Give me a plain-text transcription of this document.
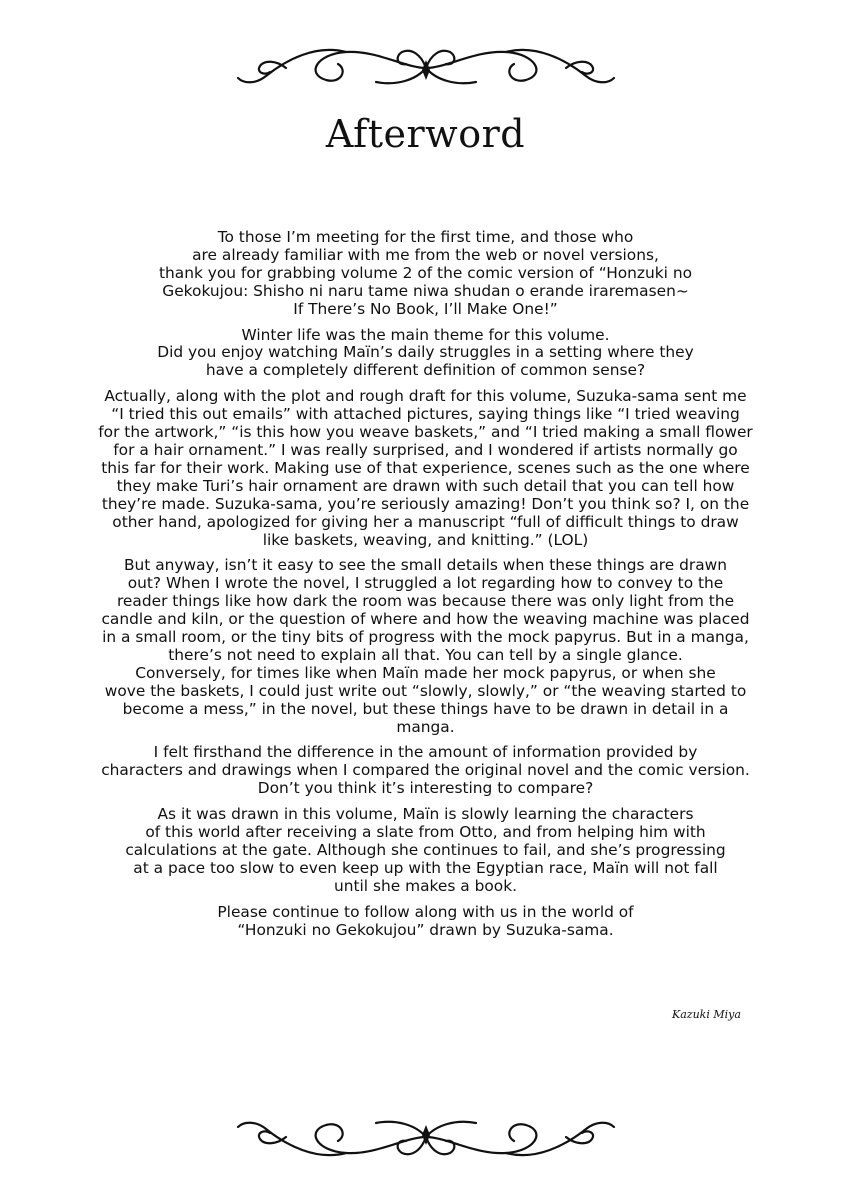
Afterword

To those I’m meeting for the first time, and those who
are already familiar with me from the web or novel versions,
thank you for grabbing volume 2 of the comic version of “Honzuki no
Gekokujou: Shisho ni naru tame niwa shudan o erande iraremasen~
If There’s No Book, I’ll Make One!”

Winter life was the main theme for this volume.
Did you enjoy watching Maïn’s daily struggles in a setting where they
have a completely different definition of common sense?

Actually, along with the plot and rough draft for this volume, Suzuka-sama sent me
“I tried this out emails” with attached pictures, saying things like “I tried weaving
for the artwork,” “is this how you weave baskets,” and “I tried making a small flower
for a hair ornament.” I was really surprised, and I wondered if artists normally go
this far for their work. Making use of that experience, scenes such as the one where
they make Turi’s hair ornament are drawn with such detail that you can tell how
they’re made. Suzuka-sama, you’re seriously amazing! Don’t you think so? I, on the
other hand, apologized for giving her a manuscript “full of difficult things to draw
like baskets, weaving, and knitting.” (LOL)

But anyway, isn’t it easy to see the small details when these things are drawn
out? When I wrote the novel, I struggled a lot regarding how to convey to the
reader things like how dark the room was because there was only light from the
candle and kiln, or the question of where and how the weaving machine was placed
in a small room, or the tiny bits of progress with the mock papyrus. But in a manga,
there’s not need to explain all that. You can tell by a single glance.
Conversely, for times like when Maïn made her mock papyrus, or when she
wove the baskets, I could just write out “slowly, slowly,” or “the weaving started to
become a mess,” in the novel, but these things have to be drawn in detail in a
manga.

I felt firsthand the difference in the amount of information provided by
characters and drawings when I compared the original novel and the comic version.
Don’t you think it’s interesting to compare?

As it was drawn in this volume, Maïn is slowly learning the characters
of this world after receiving a slate from Otto, and from helping him with
calculations at the gate. Although she continues to fail, and she’s progressing
at a pace too slow to even keep up with the Egyptian race, Maïn will not fall
until she makes a book.

Please continue to follow along with us in the world of
“Honzuki no Gekokujou” drawn by Suzuka-sama.

Kazuki Miya
